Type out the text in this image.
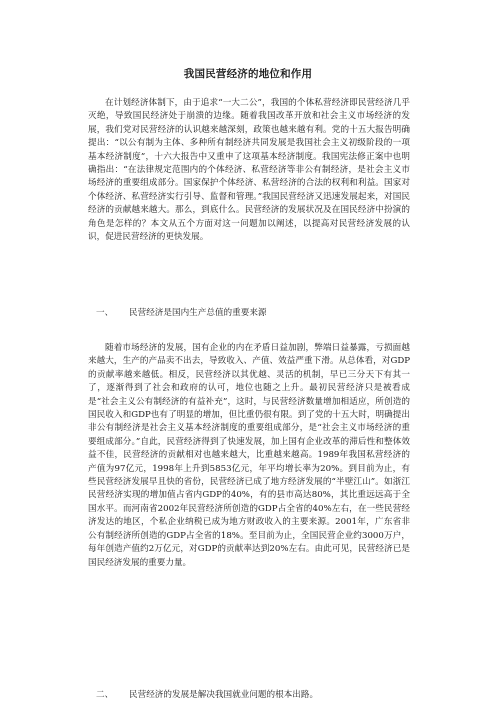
我国民营经济的地位和作用

在计划经济体制下，由于追求“一大二公”，我国的个体私营经济即民营经济几乎灭绝，导致国民经济处于崩溃的边缘。随着我国改革开放和社会主义市场经济的发展，我们党对民营经济的认识越来越深刻，政策也越来越有利。党的十五大报告明确提出：“以公有制为主体、多种所有制经济共同发展是我国社会主义初级阶段的一项基本经济制度”，十六大报告中又重申了这项基本经济制度。我国宪法修正案中也明确指出：“在法律规定范围内的个体经济、私营经济等非公有制经济，是社会主义市场经济的重要组成部分。国家保护个体经济、私营经济的合法的权利和利益。国家对个体经济、私营经济实行引导、监督和管理。”我国民营经济又迅速发展起来，对国民经济的贡献越来越大。那么，到底什么。民营经济的发展状况及在国民经济中扮演的角色是怎样的？本文从五个方面对这一问题加以阐述，以提高对民营经济发展的认识，促进民营经济的更快发展。

一、 民营经济是国内生产总值的重要来源

随着市场经济的发展，国有企业的内在矛盾日益加剧，弊端日益暴露，亏损面越来越大，生产的产品卖不出去，导致收入、产值、效益严重下滑。从总体看，对GDP的贡献率越来越低。相反，民营经济以其优越、灵活的机制，早已三分天下有其一了，逐渐得到了社会和政府的认可，地位也随之上升。最初民营经济只是被看成是“社会主义公有制经济的有益补充”，这时，与民营经济数量增加相适应，所创造的国民收入和GDP也有了明显的增加，但比重仍很有限。到了党的十五大时，明确提出非公有制经济是社会主义基本经济制度的重要组成部分，是“社会主义市场经济的重要组成部分。”自此，民营经济得到了快速发展，加上国有企业改革的滞后性和整体效益不佳，民营经济的贡献相对也越来越大，比重越来越高。1989年我国私营经济的产值为97亿元，1998年上升到5853亿元，年平均增长率为20%。到目前为止，有些民营经济发展早且快的省份，民营经济已成了地方经济发展的“半壁江山”。如浙江民营经济实现的增加值占省内GDP的40%，有的县市高达80%，其比重远远高于全国水平。而河南省2002年民营经济所创造的GDP占全省的40%左右，在一些民营经济发达的地区，个私企业纳税已成为地方财政收入的主要来源。2001年，广东省非公有制经济所创造的GDP占全省的18%。至目前为止，全国民营企业约3000万户，每年创造产值约2万亿元，对GDP的贡献率达到20%左右。由此可见，民营经济已是国民经济发展的重要力量。

二、 民营经济的发展是解决我国就业问题的根本出路。
